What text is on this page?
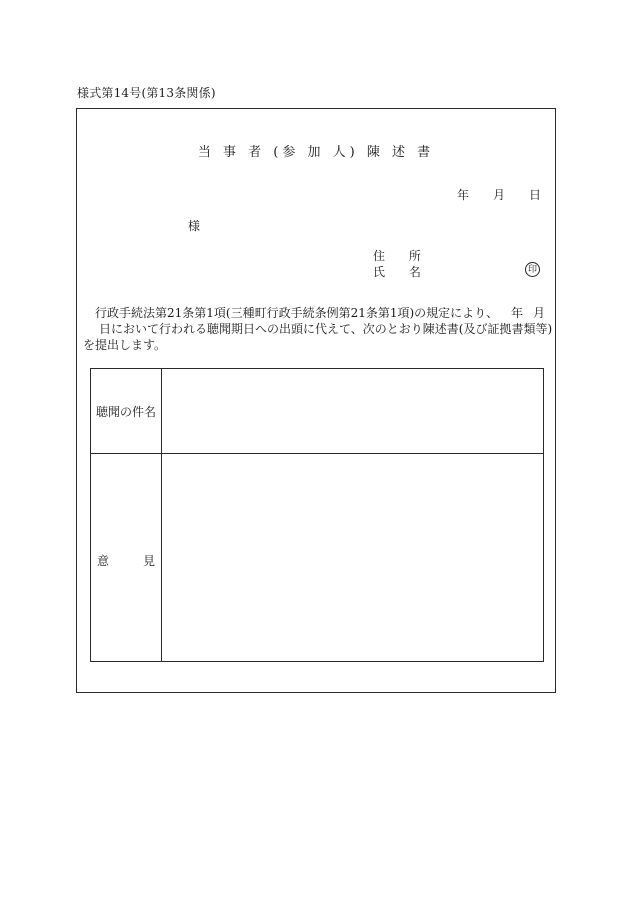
様式第14号(第13条関係)
当 事 者 (参 加 人) 陳 述 書
年 月 日
様
住 所
氏 名	印
行政手続法第21条第1項(三種町行政手続条例第21条第1項)の規定により、 年 月
日において行われる聴聞期日への出頭に代えて、次のとおり陳述書(及び証拠書類等)
を提出します。
聴聞の件名
意	見
